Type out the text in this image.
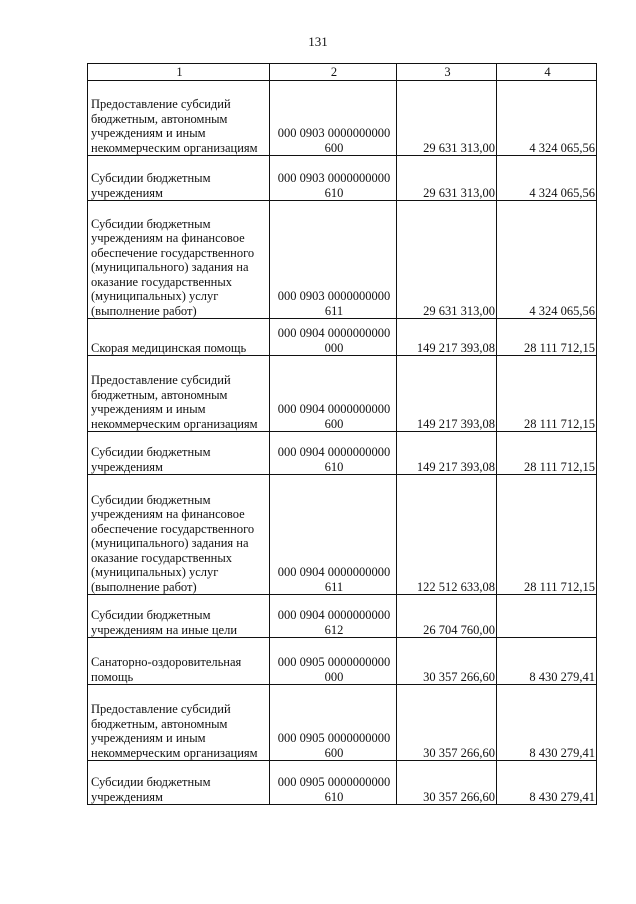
131
1	2	3	4
Предоставление субсидий бюджетным, автономным учреждениям и иным некоммерческим организациям	000 0903 0000000000 600	29 631 313,00	4 324 065,56
Субсидии бюджетным учреждениям	000 0903 0000000000 610	29 631 313,00	4 324 065,56
Субсидии бюджетным учреждениям на финансовое обеспечение государственного (муниципального) задания на оказание государственных (муниципальных) услуг (выполнение работ)	000 0903 0000000000 611	29 631 313,00	4 324 065,56
Скорая медицинская помощь	000 0904 0000000000 000	149 217 393,08	28 111 712,15
Предоставление субсидий бюджетным, автономным учреждениям и иным некоммерческим организациям	000 0904 0000000000 600	149 217 393,08	28 111 712,15
Субсидии бюджетным учреждениям	000 0904 0000000000 610	149 217 393,08	28 111 712,15
Субсидии бюджетным учреждениям на финансовое обеспечение государственного (муниципального) задания на оказание государственных (муниципальных) услуг (выполнение работ)	000 0904 0000000000 611	122 512 633,08	28 111 712,15
Субсидии бюджетным учреждениям на иные цели	000 0904 0000000000 612	26 704 760,00	
Санаторно-оздоровительная помощь	000 0905 0000000000 000	30 357 266,60	8 430 279,41
Предоставление субсидий бюджетным, автономным учреждениям и иным некоммерческим организациям	000 0905 0000000000 600	30 357 266,60	8 430 279,41
Субсидии бюджетным учреждениям	000 0905 0000000000 610	30 357 266,60	8 430 279,41
